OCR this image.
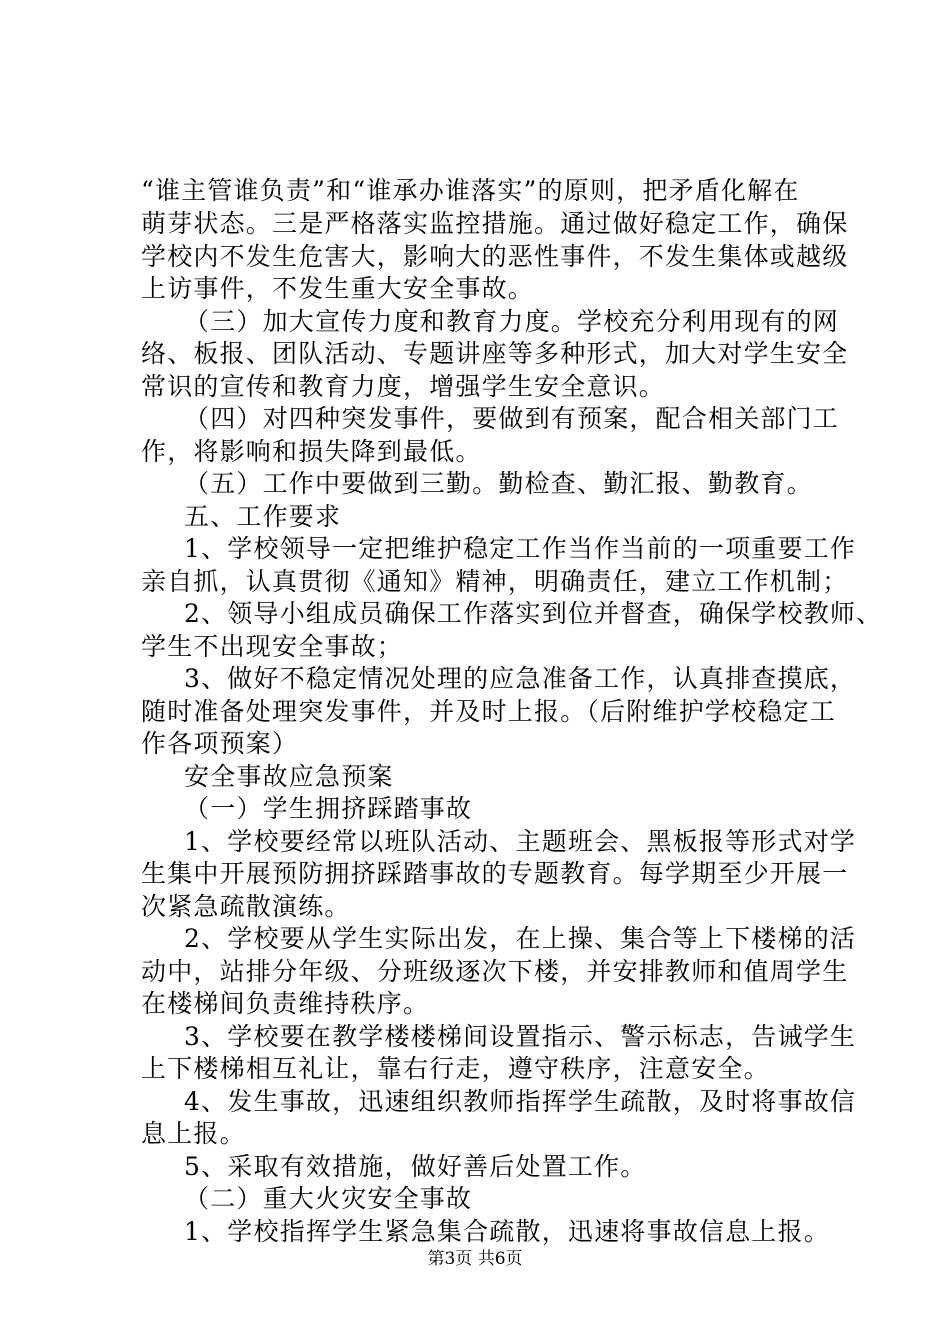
“谁主管谁负责”和“谁承办谁落实”的原则，把矛盾化解在
萌芽状态。三是严格落实监控措施。通过做好稳定工作，确保
学校内不发生危害大，影响大的恶性事件，不发生集体或越级
上访事件，不发生重大安全事故。
（三）加大宣传力度和教育力度。学校充分利用现有的网
络、板报、团队活动、专题讲座等多种形式，加大对学生安全
常识的宣传和教育力度，增强学生安全意识。
（四）对四种突发事件，要做到有预案，配合相关部门工
作，将影响和损失降到最低。
（五）工作中要做到三勤。勤检查、勤汇报、勤教育。
五、工作要求
1、学校领导一定把维护稳定工作当作当前的一项重要工作
亲自抓，认真贯彻《通知》精神，明确责任，建立工作机制；
2、领导小组成员确保工作落实到位并督查，确保学校教师、
学生不出现安全事故；
3、做好不稳定情况处理的应急准备工作，认真排查摸底，
随时准备处理突发事件，并及时上报。（后附维护学校稳定工
作各项预案）
安全事故应急预案
（一）学生拥挤踩踏事故
1、学校要经常以班队活动、主题班会、黑板报等形式对学
生集中开展预防拥挤踩踏事故的专题教育。每学期至少开展一
次紧急疏散演练。
2、学校要从学生实际出发，在上操、集合等上下楼梯的活
动中，站排分年级、分班级逐次下楼，并安排教师和值周学生
在楼梯间负责维持秩序。
3、学校要在教学楼楼梯间设置指示、警示标志，告诫学生
上下楼梯相互礼让，靠右行走，遵守秩序，注意安全。
4、发生事故，迅速组织教师指挥学生疏散，及时将事故信
息上报。
5、采取有效措施，做好善后处置工作。
（二）重大火灾安全事故
1、学校指挥学生紧急集合疏散，迅速将事故信息上报。
第3页 共6页
